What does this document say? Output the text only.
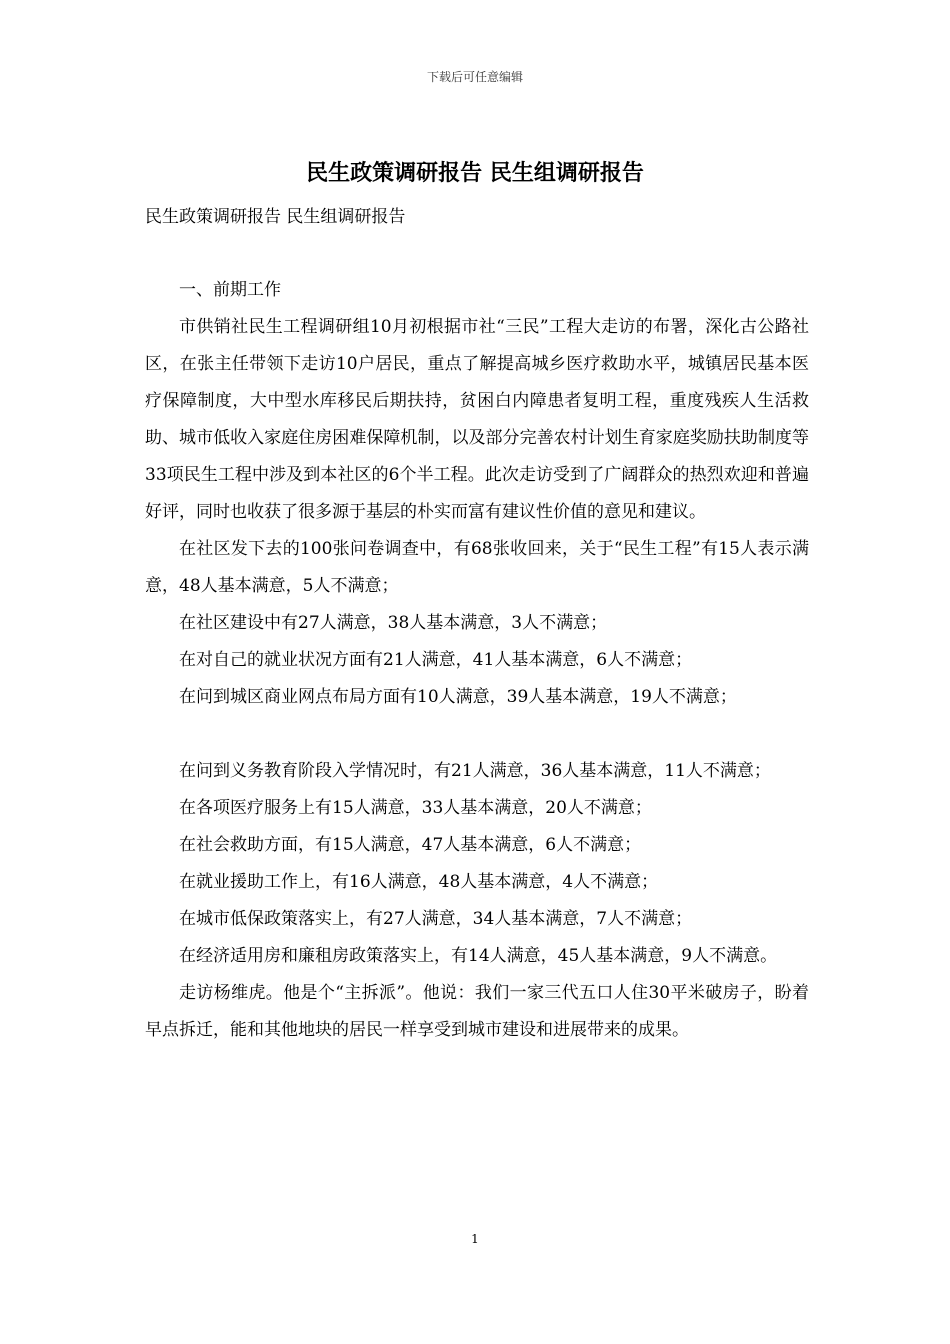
下载后可任意编辑
民生政策调研报告 民生组调研报告
民生政策调研报告 民生组调研报告

一、前期工作

市供销社民生工程调研组10月初根据市社“三民”工程大走访的布署，深化古公路社区，在张主任带领下走访10户居民，重点了解提高城乡医疗救助水平，城镇居民基本医疗保障制度，大中型水库移民后期扶持，贫困白内障患者复明工程，重度残疾人生活救助、城市低收入家庭住房困难保障机制，以及部分完善农村计划生育家庭奖励扶助制度等33项民生工程中涉及到本社区的6个半工程。此次走访受到了广阔群众的热烈欢迎和普遍好评，同时也收获了很多源于基层的朴实而富有建议性价值的意见和建议。

在社区发下去的100张问卷调查中，有68张收回来，关于“民生工程”有15人表示满意，48人基本满意，5人不满意；

在社区建设中有27人满意，38人基本满意，3人不满意；

在对自己的就业状况方面有21人满意，41人基本满意，6人不满意；

在问到城区商业网点布局方面有10人满意，39人基本满意，19人不满意；

在问到义务教育阶段入学情况时，有21人满意，36人基本满意，11人不满意；

在各项医疗服务上有15人满意，33人基本满意，20人不满意；

在社会救助方面，有15人满意，47人基本满意，6人不满意；

在就业援助工作上，有16人满意，48人基本满意，4人不满意；

在城市低保政策落实上，有27人满意，34人基本满意，7人不满意；

在经济适用房和廉租房政策落实上，有14人满意，45人基本满意，9人不满意。

走访杨维虎。他是个“主拆派”。他说：我们一家三代五口人住30平米破房子，盼着早点拆迁，能和其他地块的居民一样享受到城市建设和进展带来的成果。

1
